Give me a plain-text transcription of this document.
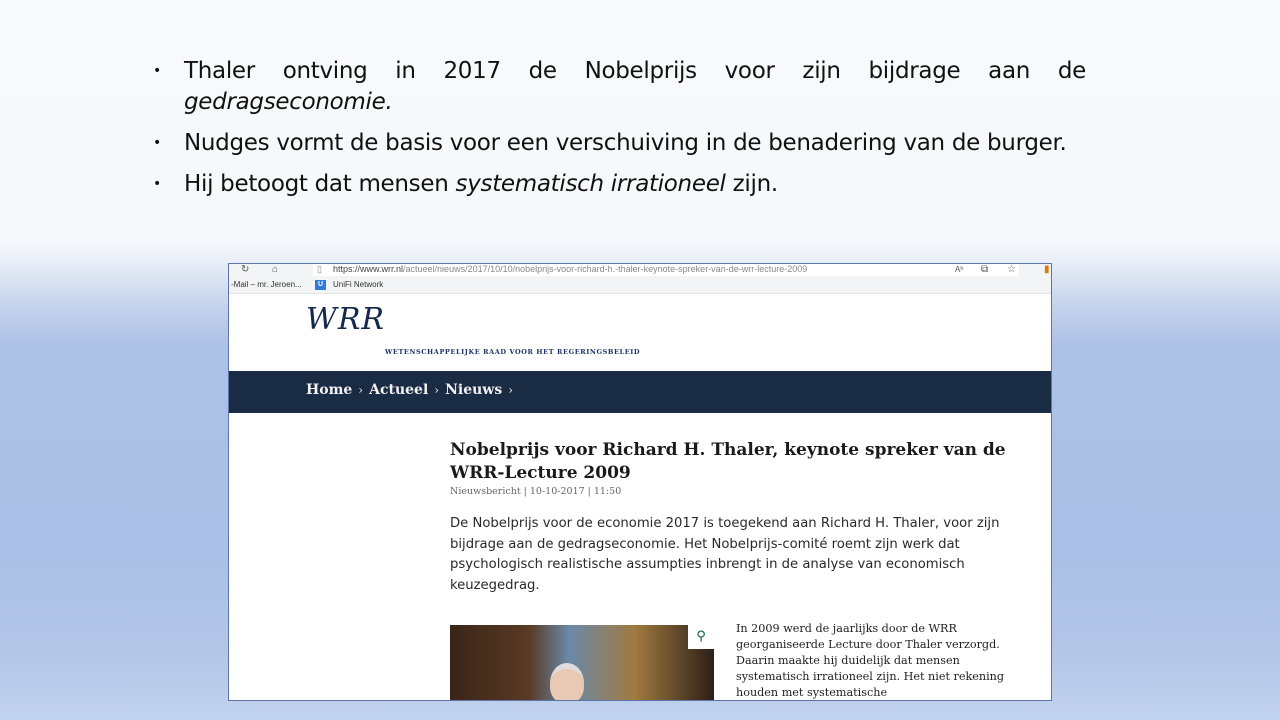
• Thaler ontving in 2017 de Nobelprijs voor zijn bijdrage aan de gedragseconomie.
• Nudges vormt de basis voor een verschuiving in de benadering van de burger.
• Hij betoogt dat mensen systematisch irrationeel zijn.
↻ ⌂	▯ https://www.wrr.nl/actueel/nieuws/2017/10/10/nobelprijs-voor-richard-h.-thaler-keynote-spreker-van-de-wrr-lecture-2009	Aʰ ⧉ ☆	▮
-Mail – mr. Jeroen...	U	UniFi Network
WRR
WETENSCHAPPELIJKE RAAD VOOR HET REGERINGSBELEID
Home › Actueel › Nieuws ›
Nobelprijs voor Richard H. Thaler, keynote spreker van de WRR-Lecture 2009
Nieuwsbericht | 10-10-2017 | 11:50

De Nobelprijs voor de economie 2017 is toegekend aan Richard H. Thaler, voor zijn bijdrage aan de gedragseconomie. Het Nobelprijs-comité roemt zijn werk dat psychologisch realistische assumpties inbrengt in de analyse van economisch keuzegedrag.

⚲

In 2009 werd de jaarlijks door de WRR georganiseerde Lecture door Thaler verzorgd. Daarin maakte hij duidelijk dat mensen systematisch irrationeel zijn. Het niet rekening houden met systematische
